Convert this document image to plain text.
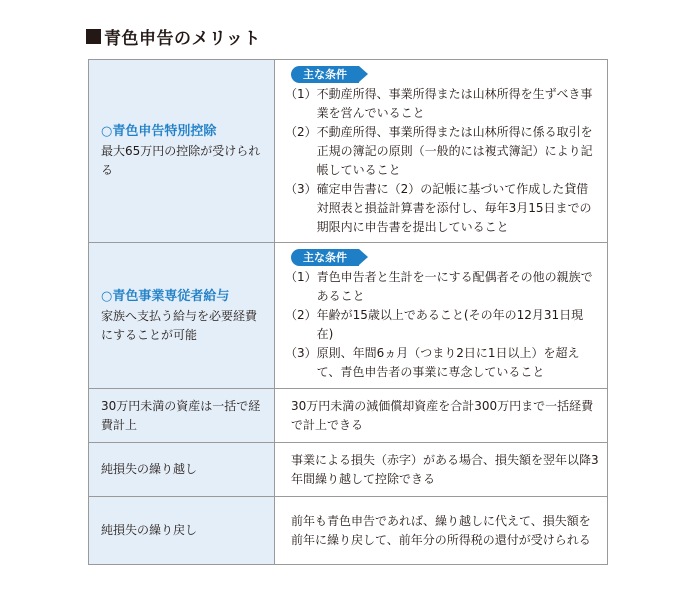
青色申告のメリット
○青色申告特別控除
最大65万円の控除が受けられる
主な条件
（1） 不動産所得、事業所得または山林所得を生ずべき事業を営んでいること
（2） 不動産所得、事業所得または山林所得に係る取引を正規の簿記の原則（一般的には複式簿記）により記帳していること
（3） 確定申告書に（2）の記帳に基づいて作成した貸借対照表と損益計算書を添付し、毎年3月15日までの期限内に申告書を提出していること
○青色事業専従者給与
家族へ支払う給与を必要経費にすることが可能
主な条件
（1） 青色申告者と生計を一にする配偶者その他の親族であること
（2） 年齢が15歳以上であること(その年の12月31日現在)
（3） 原則、年間6ヵ月（つまり2日に1日以上）を超えて、青色申告者の事業に専念していること
30万円未満の資産は一括で経費計上
30万円未満の減価償却資産を合計300万円まで一括経費で計上できる
純損失の繰り越し
事業による損失（赤字）がある場合、損失額を翌年以降3年間繰り越して控除できる
純損失の繰り戻し
前年も青色申告であれば、繰り越しに代えて、損失額を前年に繰り戻して、前年分の所得税の還付が受けられる
